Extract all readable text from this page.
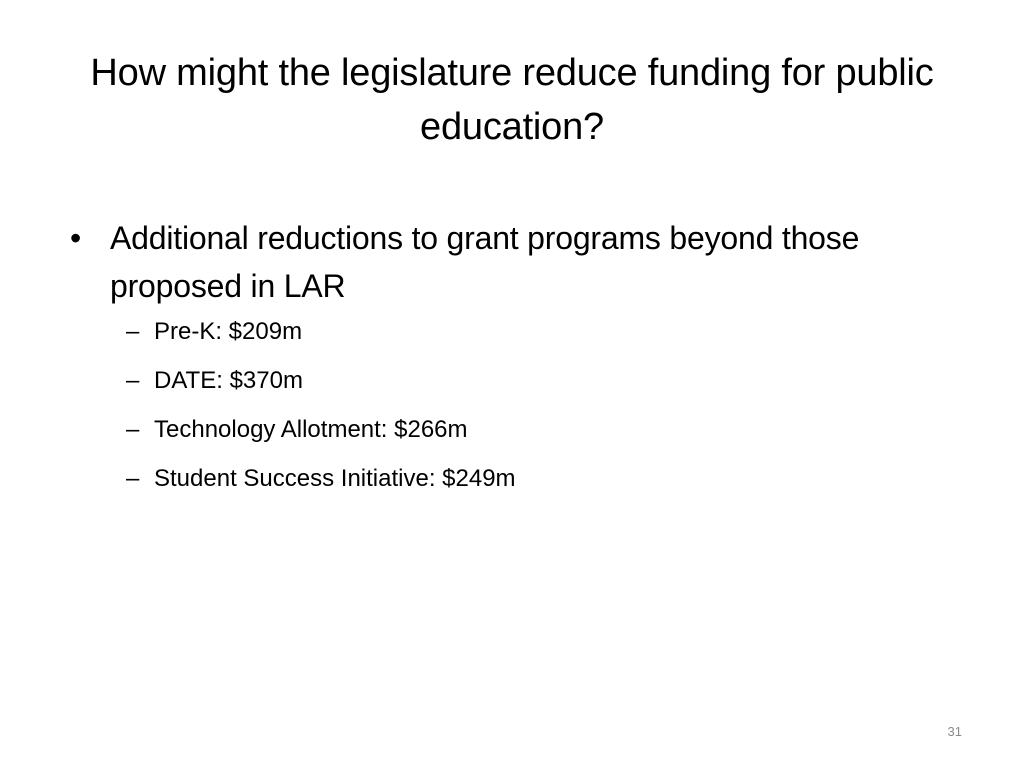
How might the legislature reduce funding for public education?
• Additional reductions to grant programs beyond those proposed in LAR
– Pre-K: $209m
– DATE: $370m
– Technology Allotment: $266m
– Student Success Initiative: $249m
31
